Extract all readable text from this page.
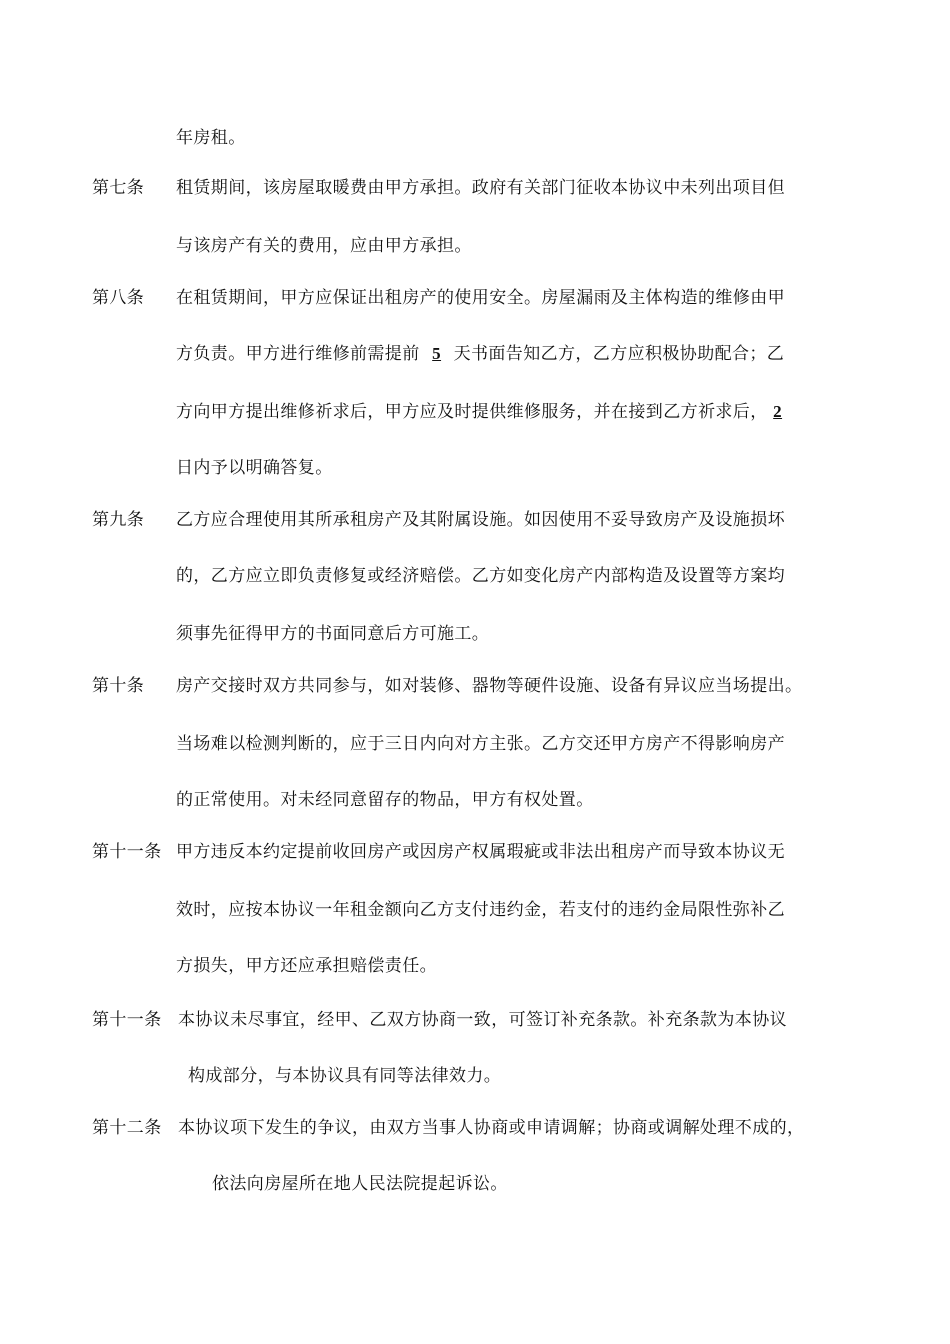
年房租。
第七条 租赁期间，该房屋取暖费由甲方承担。政府有关部门征收本协议中未列出项目但
与该房产有关的费用，应由甲方承担。
第八条 在租赁期间，甲方应保证出租房产的使用安全。房屋漏雨及主体构造的维修由甲
方负责。甲方进行维修前需提前 5 天书面告知乙方，乙方应积极协助配合；乙
方向甲方提出维修祈求后，甲方应及时提供维修服务，并在接到乙方祈求后， 2
日内予以明确答复。
第九条 乙方应合理使用其所承租房产及其附属设施。如因使用不妥导致房产及设施损坏
的，乙方应立即负责修复或经济赔偿。乙方如变化房产内部构造及设置等方案均
须事先征得甲方的书面同意后方可施工。
第十条 房产交接时双方共同参与，如对装修、器物等硬件设施、设备有异议应当场提出。
当场难以检测判断的，应于三日内向对方主张。乙方交还甲方房产不得影响房产
的正常使用。对未经同意留存的物品，甲方有权处置。
第十一条 甲方违反本约定提前收回房产或因房产权属瑕疵或非法出租房产而导致本协议无
效时，应按本协议一年租金额向乙方支付违约金，若支付的违约金局限性弥补乙
方损失，甲方还应承担赔偿责任。
第十一条 本协议未尽事宜，经甲、乙双方协商一致，可签订补充条款。补充条款为本协议
构成部分，与本协议具有同等法律效力。
第十二条 本协议项下发生的争议，由双方当事人协商或申请调解；协商或调解处理不成的，
依法向房屋所在地人民法院提起诉讼。
